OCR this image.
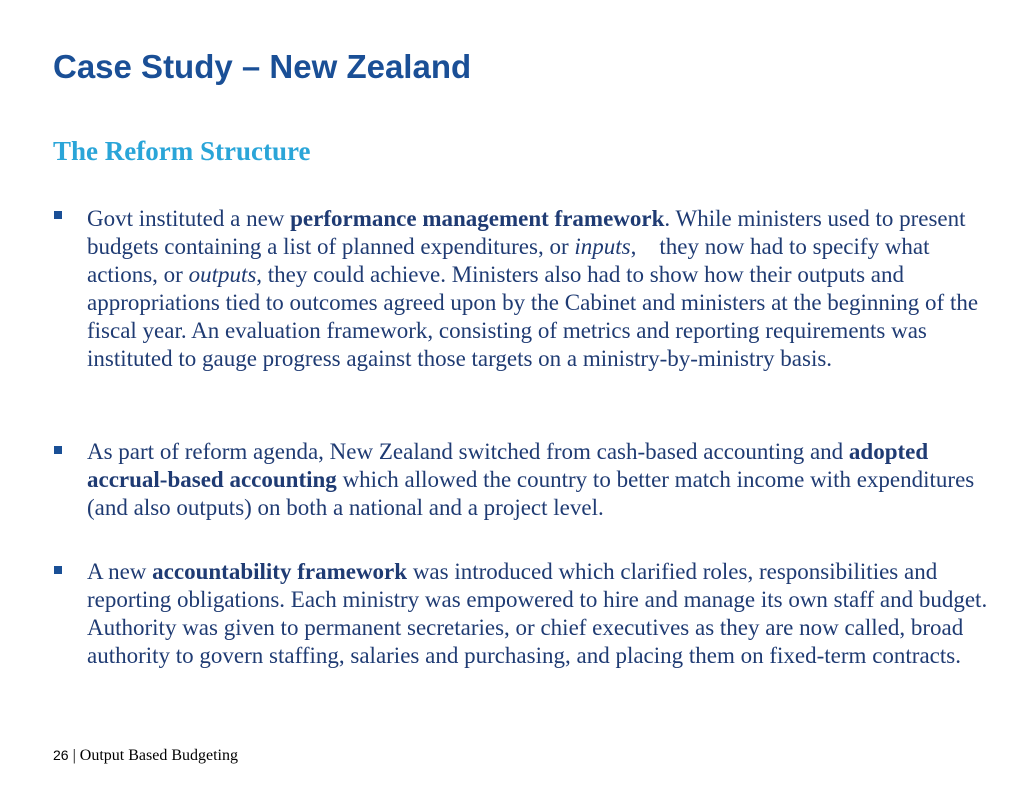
Case Study – New Zealand
The Reform Structure

Govt instituted a new performance management framework. While ministers used to present budgets containing a list of planned expenditures, or inputs,    they now had to specify what actions, or outputs, they could achieve. Ministers also had to show how their outputs and appropriations tied to outcomes agreed upon by the Cabinet and ministers at the beginning of the fiscal year. An evaluation framework, consisting of metrics and reporting requirements was instituted to gauge progress against those targets on a ministry-by-ministry basis.

As part of reform agenda, New Zealand switched from cash-based accounting and adopted accrual-based accounting which allowed the country to better match income with expenditures (and also outputs) on both a national and a project level.

A new accountability framework was introduced which clarified roles, responsibilities and reporting obligations. Each ministry was empowered to hire and manage its own staff and budget. Authority was given to permanent secretaries, or chief executives as they are now called, broad authority to govern staffing, salaries and purchasing, and placing them on fixed-term contracts.

26 | Output Based Budgeting
